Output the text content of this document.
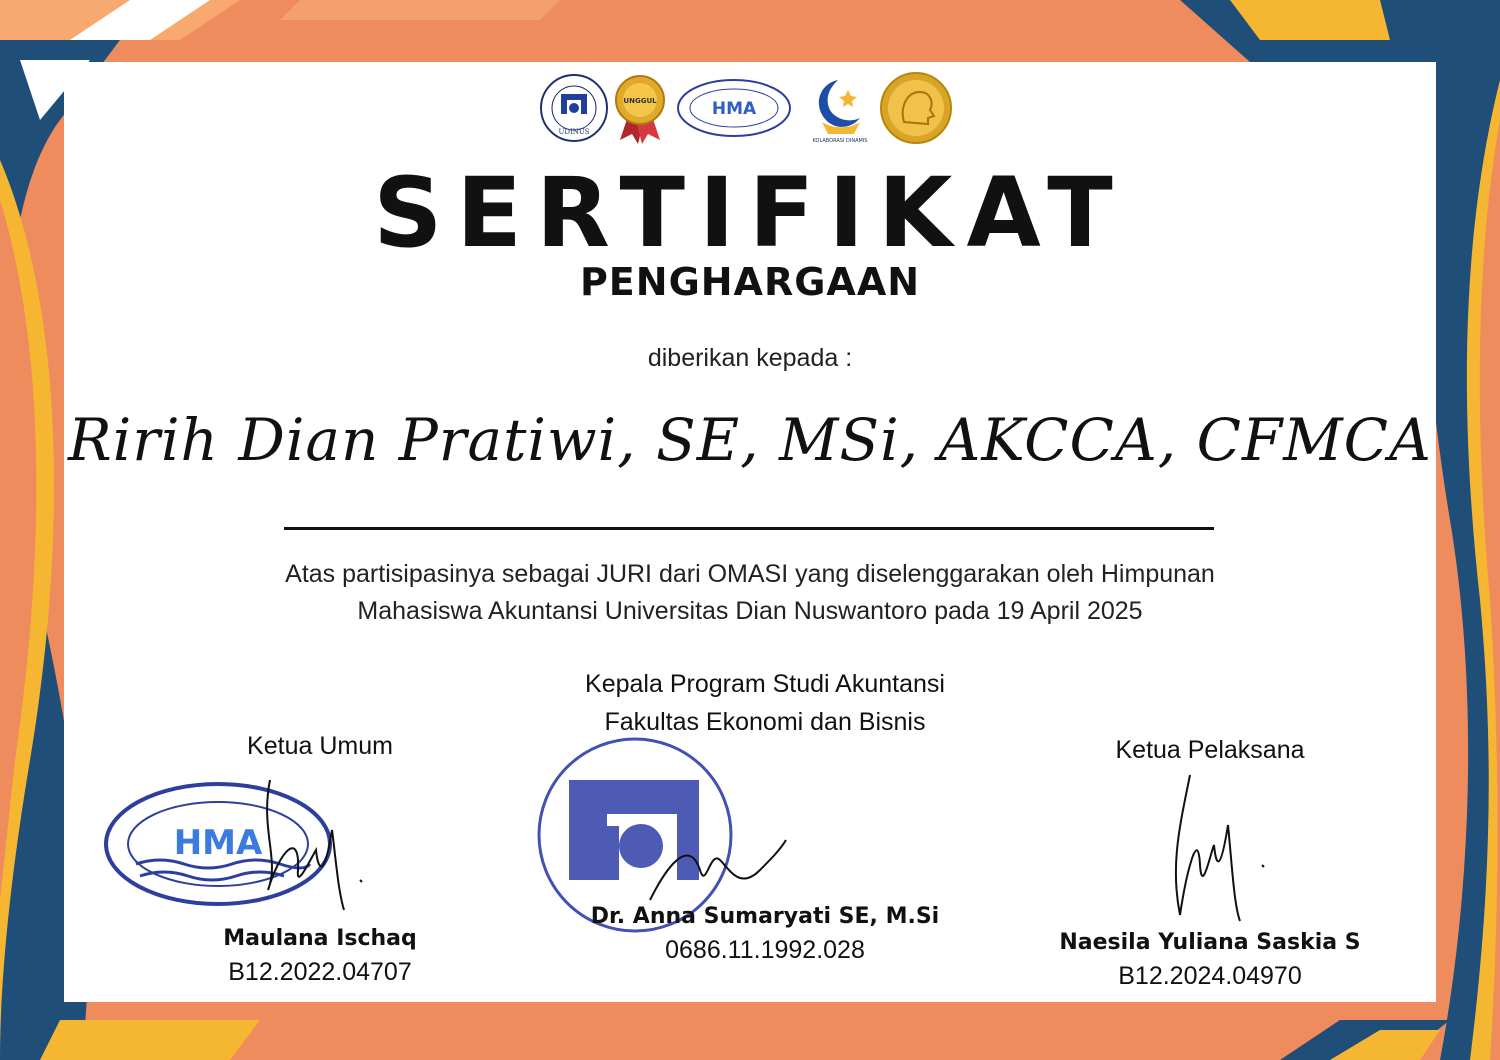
UDINUS
UNGGUL	HMA
KOLABORASI DINAMIS
SERTIFIKAT
PENGHARGAAN
diberikan kepada :
Ririh Dian Pratiwi, SE, MSi, AKCCA, CFMCA
Atas partisipasinya sebagai JURI dari OMASI yang diselenggarakan oleh Himpunan
Mahasiswa Akuntansi Universitas Dian Nuswantoro pada 19 April 2025
Ketua Umum
HMA
Maulana Ischaq
B12.2022.04707
Kepala Program Studi Akuntansi
Fakultas Ekonomi dan Bisnis
Dr. Anna Sumaryati SE, M.Si
0686.11.1992.028
Ketua Pelaksana
Naesila Yuliana Saskia S
B12.2024.04970
